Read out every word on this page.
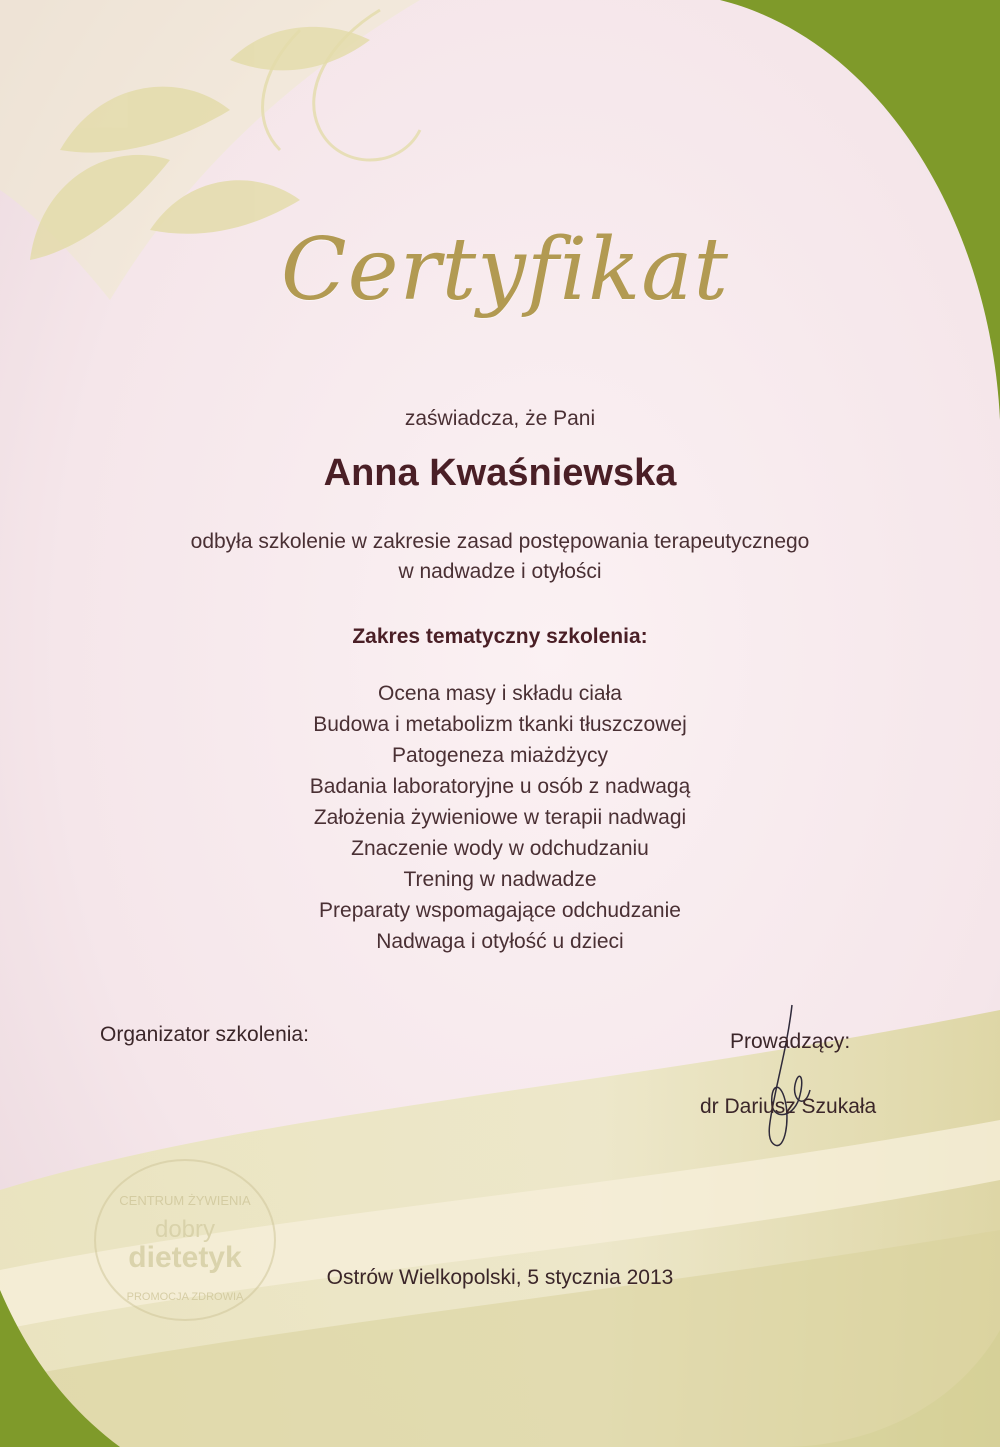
CENTRUM ŻYWIENIA
dobry
dietetyk
PROMOCJA ZDROWIA
Certyfikat
zaświadcza, że Pani
Anna Kwaśniewska
odbyła szkolenie w zakresie zasad postępowania terapeutycznego
w nadwadze i otyłości
Zakres tematyczny szkolenia:
Ocena masy i składu ciała
Budowa i metabolizm tkanki tłuszczowej
Patogeneza miażdżycy
Badania laboratoryjne u osób z nadwagą
Założenia żywieniowe w terapii nadwagi
Znaczenie wody w odchudzaniu
Trening w nadwadze
Preparaty wspomagające odchudzanie
Nadwaga i otyłość u dzieci
Organizator szkolenia:	Prowadzący:
dr Dariusz Szukała
Ostrów Wielkopolski, 5 stycznia 2013
